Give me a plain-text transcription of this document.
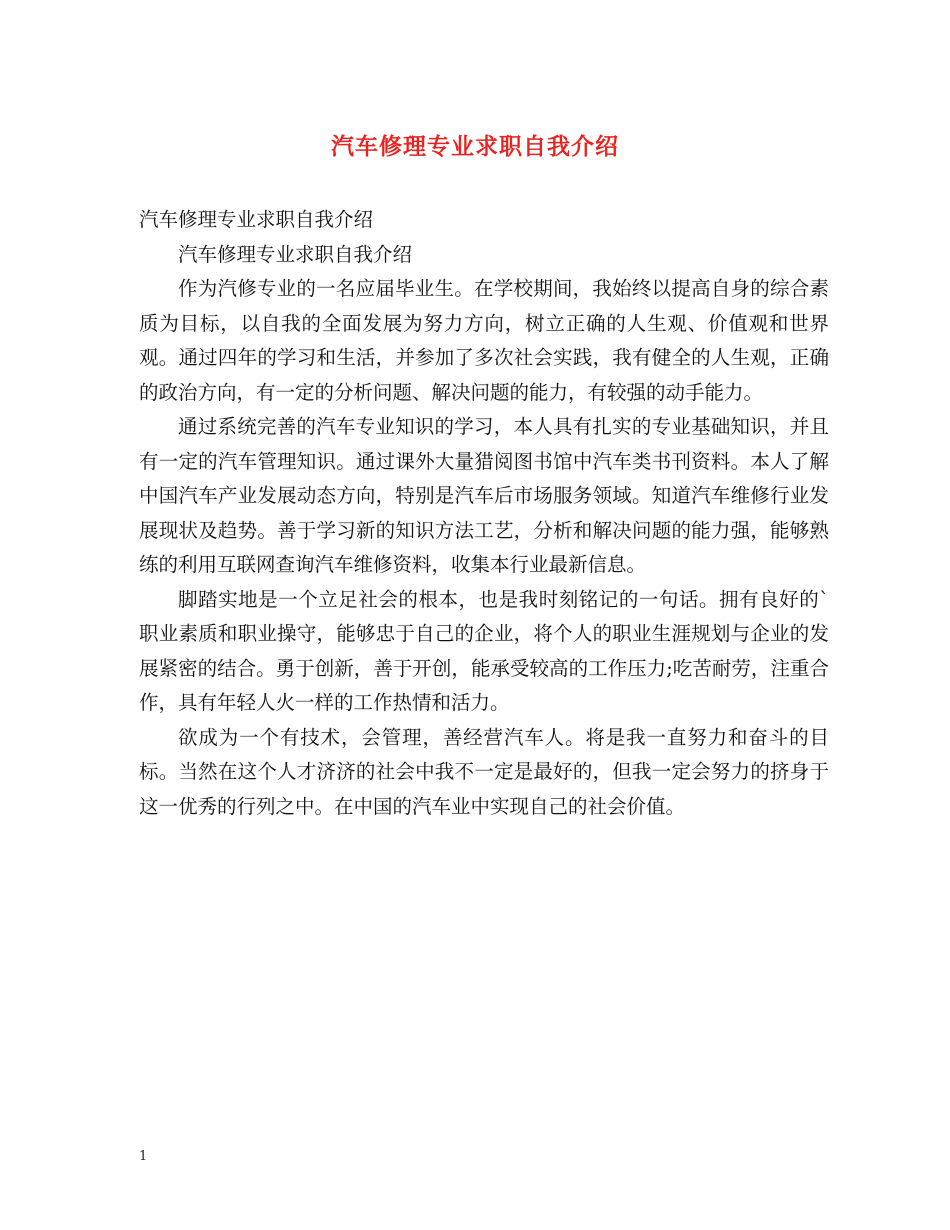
汽车修理专业求职自我介绍

汽车修理专业求职自我介绍

汽车修理专业求职自我介绍

作为汽修专业的一名应届毕业生。在学校期间，我始终以提高自身的综合素质为目标，以自我的全面发展为努力方向，树立正确的人生观、价值观和世界观。通过四年的学习和生活，并参加了多次社会实践，我有健全的人生观，正确的政治方向，有一定的分析问题、解决问题的能力，有较强的动手能力。

通过系统完善的汽车专业知识的学习，本人具有扎实的专业基础知识，并且有一定的汽车管理知识。通过课外大量猎阅图书馆中汽车类书刊资料。本人了解中国汽车产业发展动态方向，特别是汽车后市场服务领域。知道汽车维修行业发展现状及趋势。善于学习新的知识方法工艺，分析和解决问题的能力强，能够熟练的利用互联网查询汽车维修资料，收集本行业最新信息。

脚踏实地是一个立足社会的根本，也是我时刻铭记的一句话。拥有良好的`职业素质和职业操守，能够忠于自己的企业，将个人的职业生涯规划与企业的发展紧密的结合。勇于创新，善于开创，能承受较高的工作压力;吃苦耐劳，注重合作，具有年轻人火一样的工作热情和活力。

欲成为一个有技术，会管理，善经营汽车人。将是我一直努力和奋斗的目标。当然在这个人才济济的社会中我不一定是最好的，但我一定会努力的挤身于这一优秀的行列之中。在中国的汽车业中实现自己的社会价值。

1
